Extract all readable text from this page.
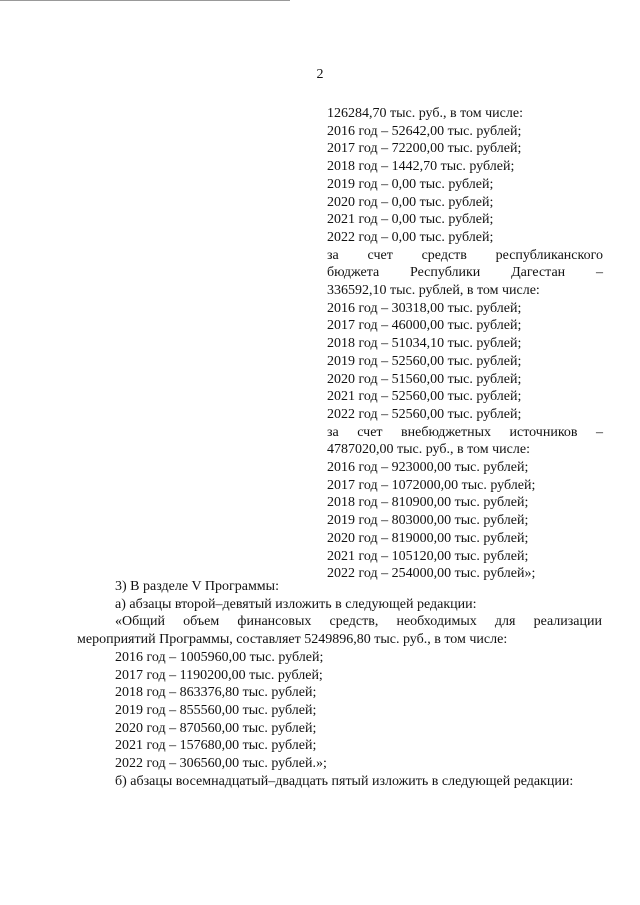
2
126284,70 тыс. руб., в том числе:
2016 год – 52642,00 тыс. рублей;
2017 год – 72200,00 тыс. рублей;
2018 год – 1442,70 тыс. рублей;
2019 год – 0,00 тыс. рублей;
2020 год – 0,00 тыс. рублей;
2021 год – 0,00 тыс. рублей;
2022 год – 0,00 тыс. рублей;
за счет средств республиканского
бюджета Республики Дагестан –
336592,10 тыс. рублей, в том числе:
2016 год – 30318,00 тыс. рублей;
2017 год – 46000,00 тыс. рублей;
2018 год – 51034,10 тыс. рублей;
2019 год – 52560,00 тыс. рублей;
2020 год – 51560,00 тыс. рублей;
2021 год – 52560,00 тыс. рублей;
2022 год – 52560,00 тыс. рублей;
за счет внебюджетных источников –
4787020,00 тыс. руб., в том числе:
2016 год – 923000,00 тыс. рублей;
2017 год – 1072000,00 тыс. рублей;
2018 год – 810900,00 тыс. рублей;
2019 год – 803000,00 тыс. рублей;
2020 год – 819000,00 тыс. рублей;
2021 год – 105120,00 тыс. рублей;
2022 год – 254000,00 тыс. рублей»;
3) В разделе V Программы:
а) абзацы второй–девятый изложить в следующей редакции:
«Общий объем финансовых средств, необходимых для реализации
мероприятий Программы, составляет 5249896,80 тыс. руб., в том числе:
2016 год – 1005960,00 тыс. рублей;
2017 год – 1190200,00 тыс. рублей;
2018 год – 863376,80 тыс. рублей;
2019 год – 855560,00 тыс. рублей;
2020 год – 870560,00 тыс. рублей;
2021 год – 157680,00 тыс. рублей;
2022 год – 306560,00 тыс. рублей.»;
б) абзацы восемнадцатый–двадцать пятый изложить в следующей редакции:
